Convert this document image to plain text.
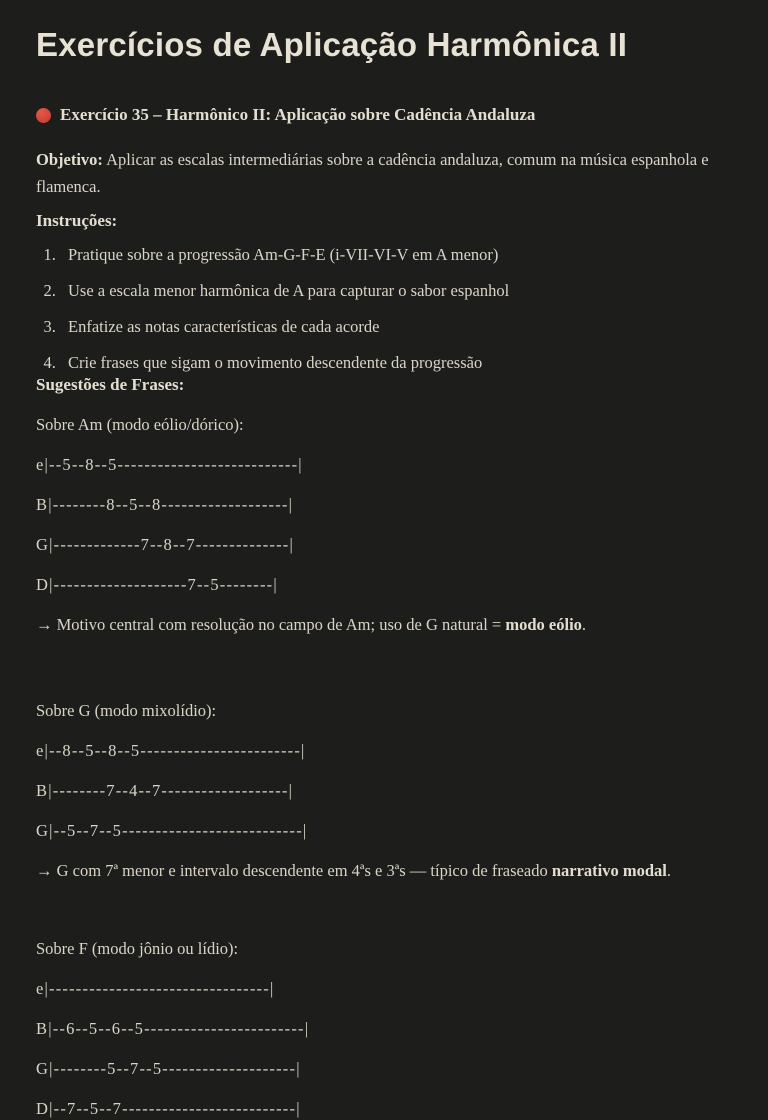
Exercícios de Aplicação Harmônica II
Exercício 35 – Harmônico II: Aplicação sobre Cadência Andaluza

Objetivo: Aplicar as escalas intermediárias sobre a cadência andaluza, comum na música espanhola e flamenca.

Instruções:

1. Pratique sobre a progressão Am-G-F-E (i-VII-VI-V em A menor)
2. Use a escala menor harmônica de A para capturar o sabor espanhol
3. Enfatize as notas características de cada acorde
4. Crie frases que sigam o movimento descendente da progressão

Sugestões de Frases:

Sobre Am (modo eólio/dórico):

e|--5--8--5---------------------------|

B|--------8--5--8-------------------|

G|-------------7--8--7--------------|

D|--------------------7--5--------|

→ Motivo central com resolução no campo de Am; uso de G natural = modo eólio.

Sobre G (modo mixolídio):

e|--8--5--8--5------------------------|

B|--------7--4--7-------------------|

G|--5--7--5---------------------------|

→ G com 7ª menor e intervalo descendente em 4ªs e 3ªs — típico de fraseado narrativo modal.

Sobre F (modo jônio ou lídio):

e|---------------------------------|

B|--6--5--6--5------------------------|

G|--------5--7--5--------------------|

D|--7--5--7--------------------------|
